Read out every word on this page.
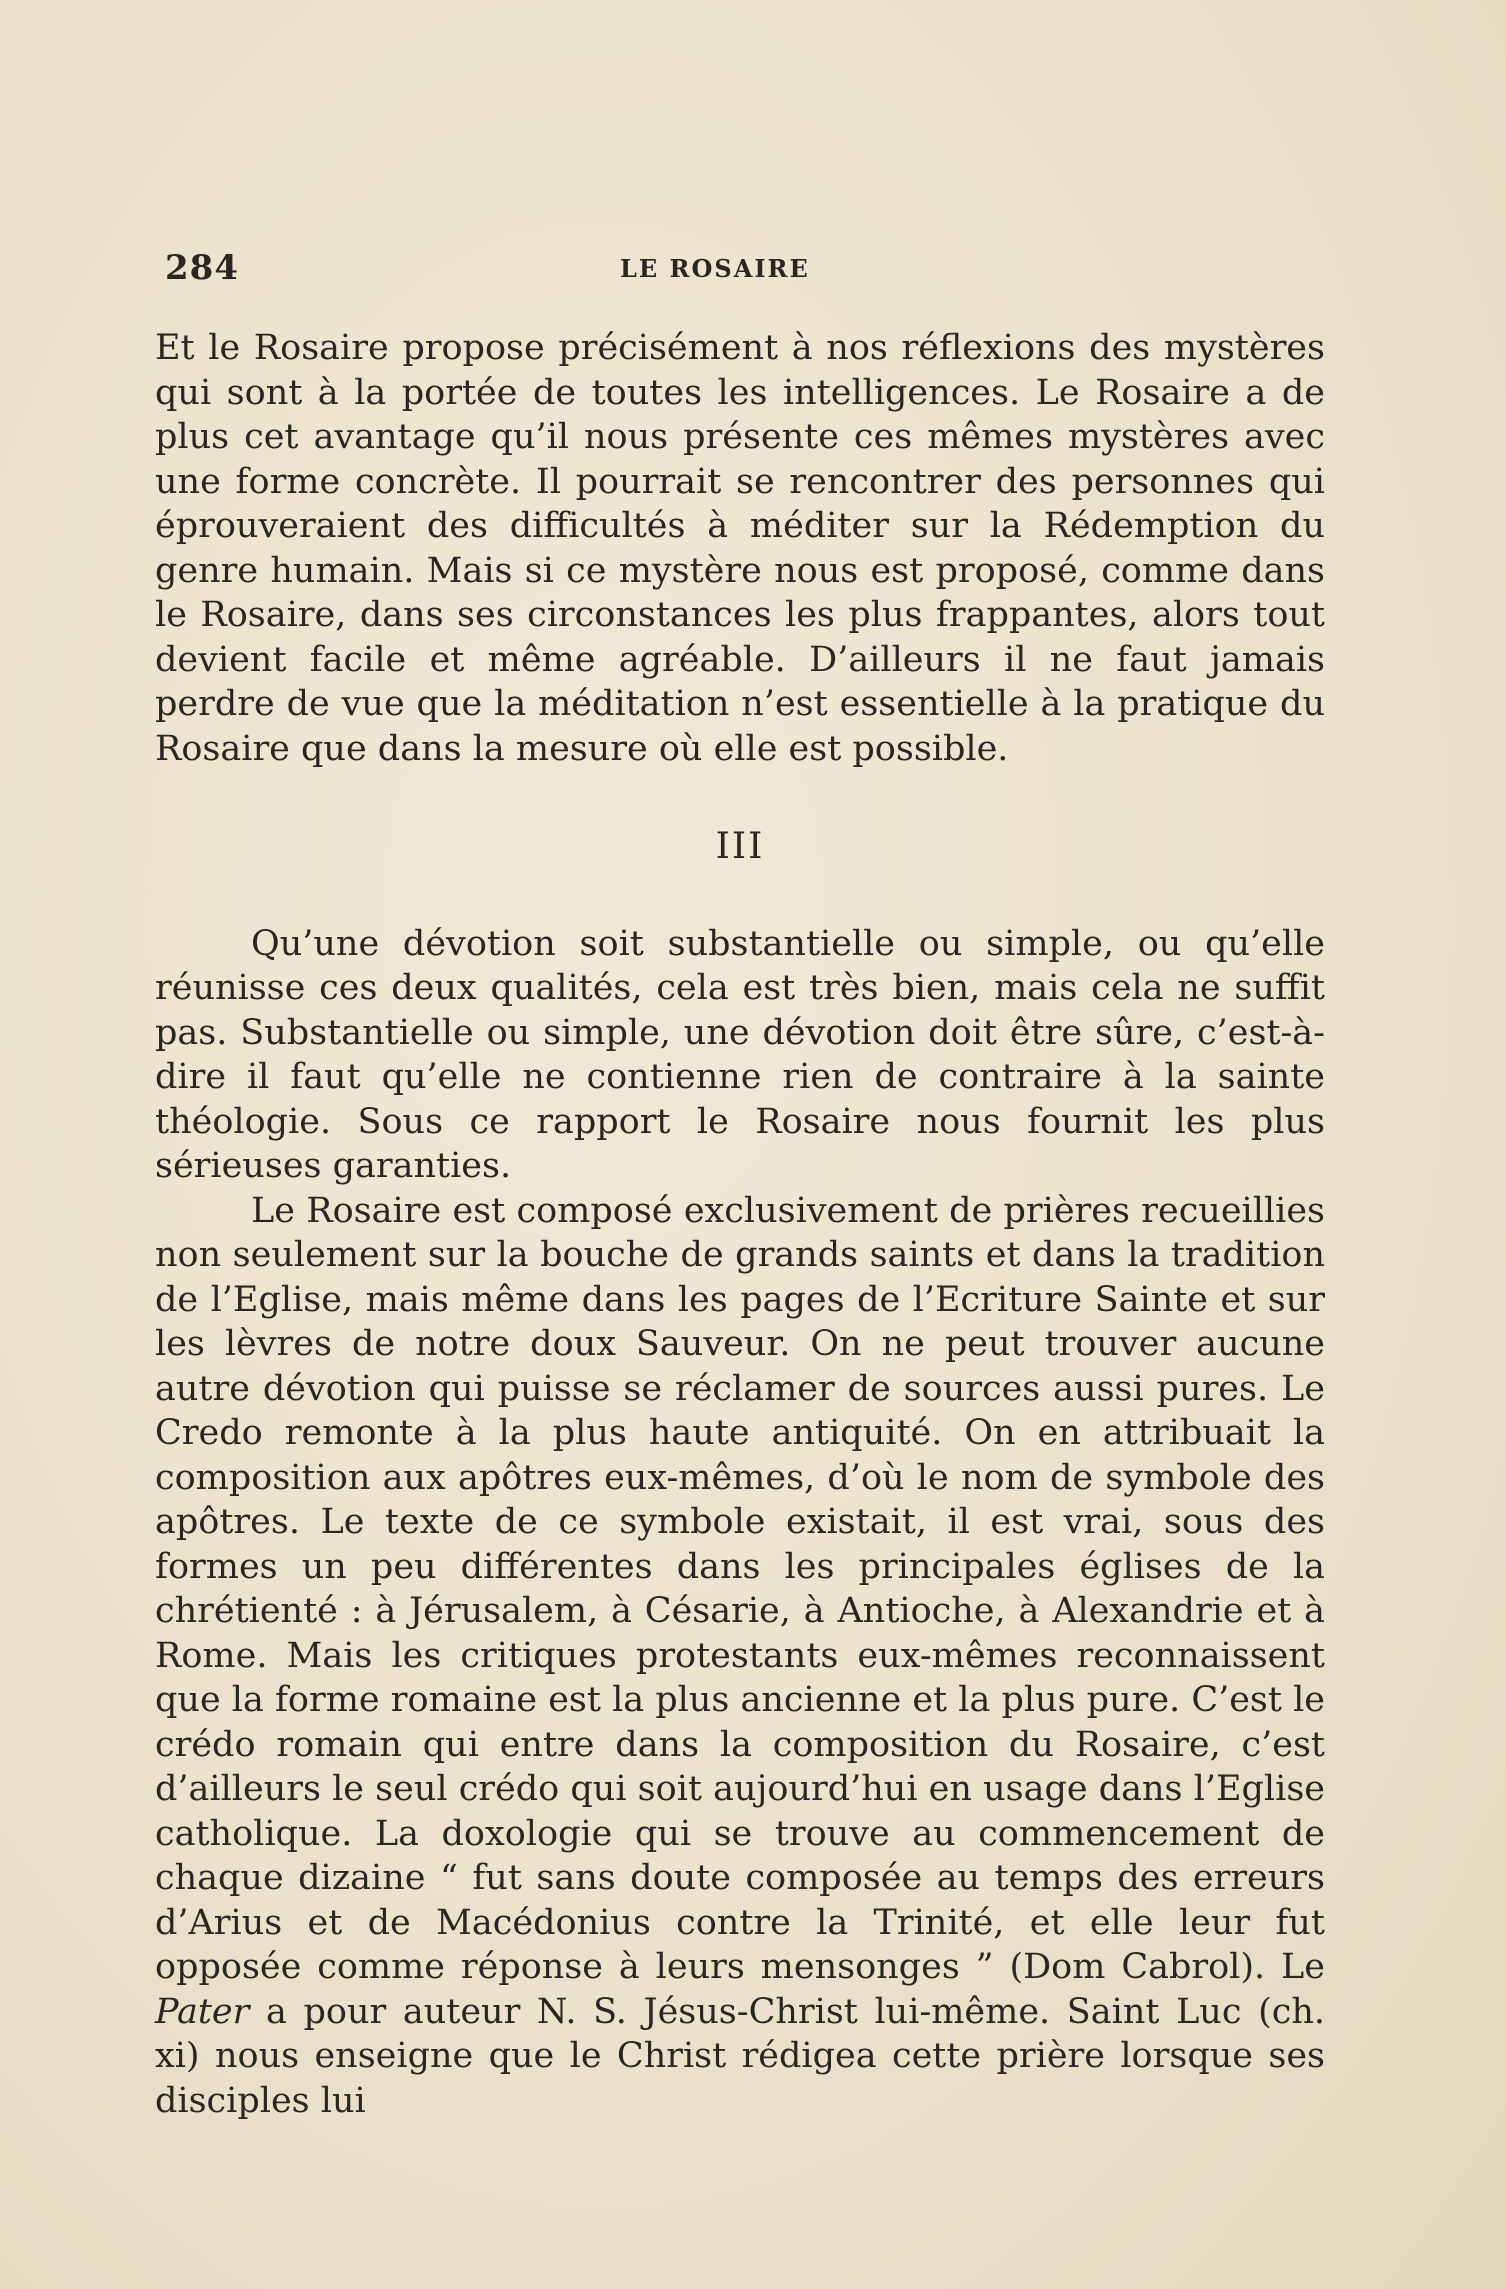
284	LE ROSAIRE

Et le Rosaire propose précisément à nos réflexions des mystères qui sont à la portée de toutes les intelligences. Le Rosaire a de plus cet avantage qu’il nous présente ces mêmes mystères avec une forme concrète. Il pourrait se rencontrer des personnes qui éprouveraient des difficultés à méditer sur la Rédemption du genre humain. Mais si ce mystère nous est proposé, comme dans le Rosaire, dans ses circonstances les plus frappantes, alors tout devient facile et même agréable. D’ailleurs il ne faut jamais perdre de vue que la méditation n’est essentielle à la pratique du Rosaire que dans la mesure où elle est possible.

III

Qu’une dévotion soit substantielle ou simple, ou qu’elle réunisse ces deux qualités, cela est très bien, mais cela ne suffit pas. Substantielle ou simple, une dévotion doit être sûre, c’est-à-dire il faut qu’elle ne contienne rien de contraire à la sainte théologie. Sous ce rapport le Rosaire nous fournit les plus sérieuses garanties.

Le Rosaire est composé exclusivement de prières recueillies non seulement sur la bouche de grands saints et dans la tradition de l’Eglise, mais même dans les pages de l’Ecriture Sainte et sur les lèvres de notre doux Sauveur. On ne peut trouver aucune autre dévotion qui puisse se réclamer de sources aussi pures. Le Credo remonte à la plus haute antiquité. On en attribuait la composition aux apôtres eux-mêmes, d’où le nom de symbole des apôtres. Le texte de ce symbole existait, il est vrai, sous des formes un peu différentes dans les principales églises de la chrétienté : à Jérusalem, à Césarie, à Antioche, à Alexandrie et à Rome. Mais les critiques protestants eux-mêmes reconnaissent que la forme romaine est la plus ancienne et la plus pure. C’est le crédo romain qui entre dans la composition du Rosaire, c’est d’ailleurs le seul crédo qui soit aujourd’hui en usage dans l’Eglise catholique. La doxologie qui se trouve au commencement de chaque dizaine “ fut sans doute composée au temps des erreurs d’Arius et de Macédonius contre la Trinité, et elle leur fut opposée comme réponse à leurs mensonges ” (Dom Cabrol). Le Pater a pour auteur N. S. Jésus-Christ lui-même. Saint Luc (ch. xi) nous enseigne que le Christ rédigea cette prière lorsque ses disciples lui
